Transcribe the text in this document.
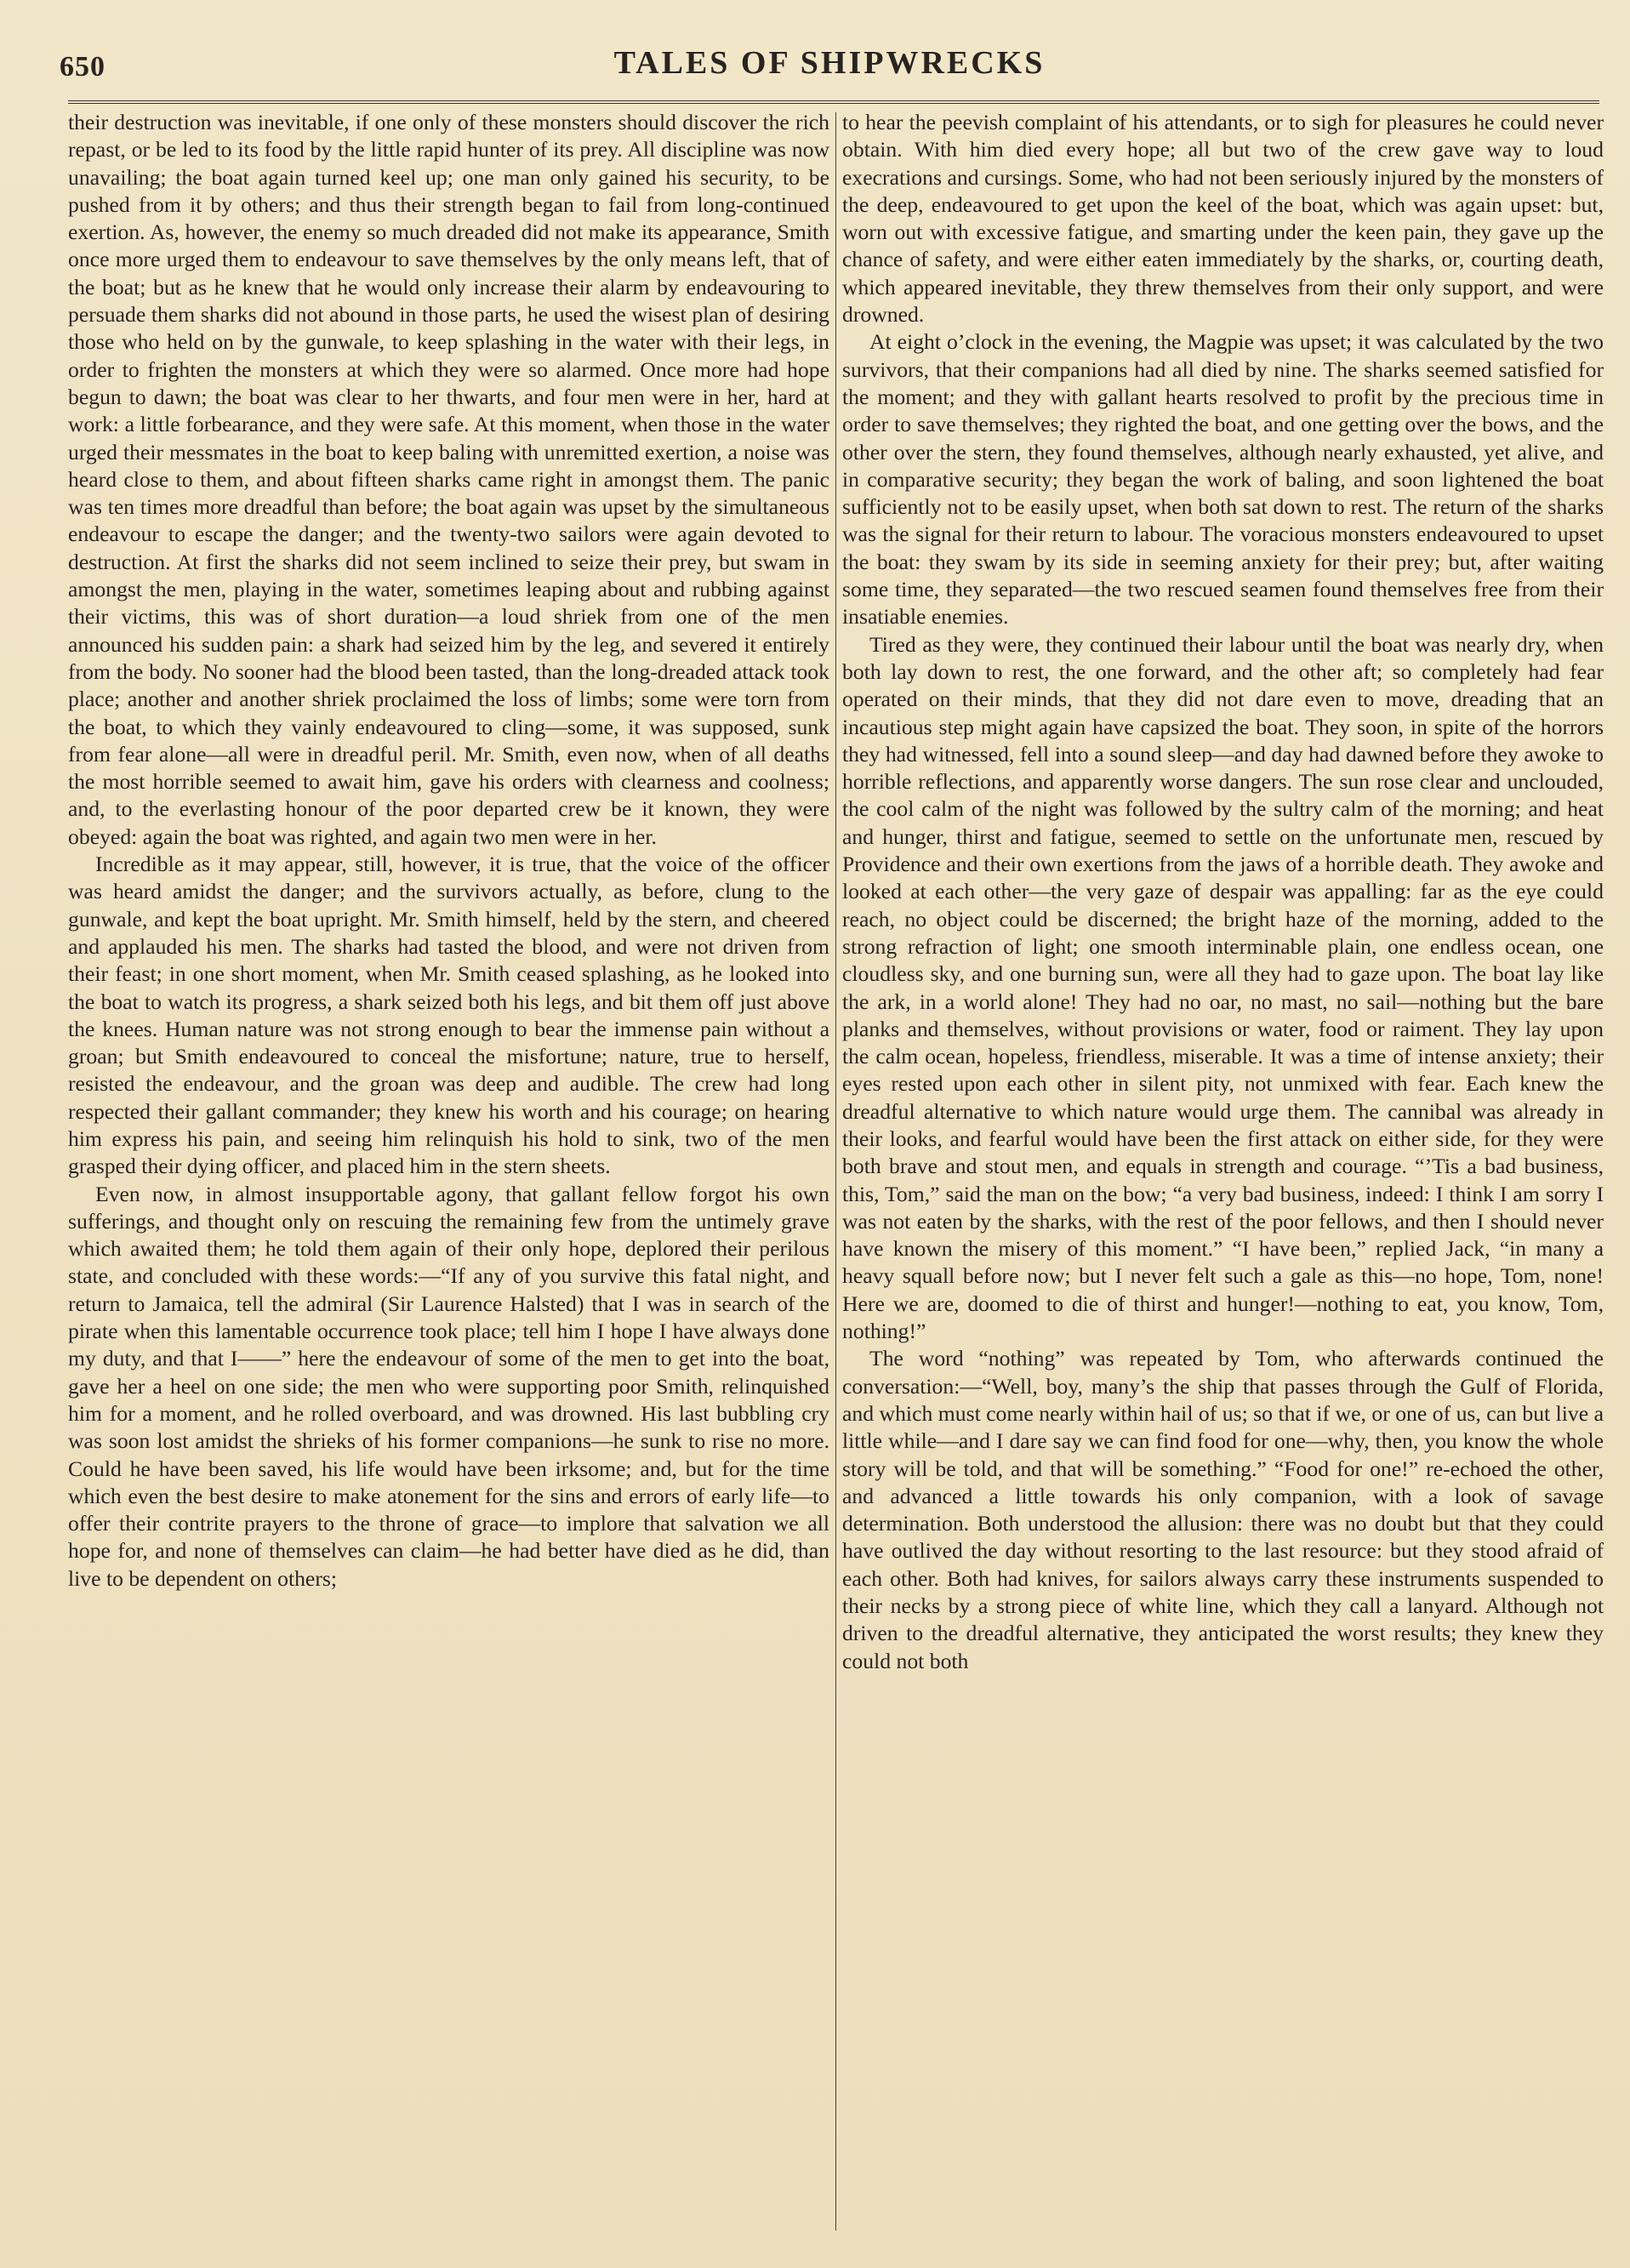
650	TALES OF SHIPWRECKS

their destruction was inevitable, if one only of these monsters should discover the rich repast, or be led to its food by the little rapid hunter of its prey. All discipline was now unavailing; the boat again turned keel up; one man only gained his security, to be pushed from it by others; and thus their strength began to fail from long-continued exertion. As, however, the enemy so much dreaded did not make its appearance, Smith once more urged them to endeavour to save themselves by the only means left, that of the boat; but as he knew that he would only increase their alarm by endeavouring to persuade them sharks did not abound in those parts, he used the wisest plan of desiring those who held on by the gunwale, to keep splashing in the water with their legs, in order to frighten the monsters at which they were so alarmed. Once more had hope begun to dawn; the boat was clear to her thwarts, and four men were in her, hard at work: a little forbearance, and they were safe. At this moment, when those in the water urged their messmates in the boat to keep baling with unremitted exertion, a noise was heard close to them, and about fifteen sharks came right in amongst them. The panic was ten times more dreadful than before; the boat again was upset by the simultaneous endeavour to escape the danger; and the twenty-two sailors were again devoted to destruction. At first the sharks did not seem inclined to seize their prey, but swam in amongst the men, playing in the water, sometimes leaping about and rubbing against their victims, this was of short duration—a loud shriek from one of the men announced his sudden pain: a shark had seized him by the leg, and severed it entirely from the body. No sooner had the blood been tasted, than the long-dreaded attack took place; another and another shriek proclaimed the loss of limbs; some were torn from the boat, to which they vainly endeavoured to cling—some, it was supposed, sunk from fear alone—all were in dreadful peril. Mr. Smith, even now, when of all deaths the most horrible seemed to await him, gave his orders with clearness and coolness; and, to the everlasting honour of the poor departed crew be it known, they were obeyed: again the boat was righted, and again two men were in her.

Incredible as it may appear, still, however, it is true, that the voice of the officer was heard amidst the danger; and the survivors actually, as before, clung to the gunwale, and kept the boat upright. Mr. Smith himself, held by the stern, and cheered and applauded his men. The sharks had tasted the blood, and were not driven from their feast; in one short moment, when Mr. Smith ceased splashing, as he looked into the boat to watch its progress, a shark seized both his legs, and bit them off just above the knees. Human nature was not strong enough to bear the immense pain without a groan; but Smith endeavoured to conceal the misfortune; nature, true to herself, resisted the endeavour, and the groan was deep and audible. The crew had long respected their gallant commander; they knew his worth and his courage; on hearing him express his pain, and seeing him relinquish his hold to sink, two of the men grasped their dying officer, and placed him in the stern sheets.

Even now, in almost insupportable agony, that gallant fellow forgot his own sufferings, and thought only on rescuing the remaining few from the untimely grave which awaited them; he told them again of their only hope, deplored their perilous state, and concluded with these words:—“If any of you survive this fatal night, and return to Jamaica, tell the admiral (Sir Laurence Halsted) that I was in search of the pirate when this lamentable occurrence took place; tell him I hope I have always done my duty, and that I——” here the endeavour of some of the men to get into the boat, gave her a heel on one side; the men who were supporting poor Smith, relinquished him for a moment, and he rolled overboard, and was drowned. His last bubbling cry was soon lost amidst the shrieks of his former companions—he sunk to rise no more. Could he have been saved, his life would have been irksome; and, but for the time which even the best desire to make atonement for the sins and errors of early life—to offer their contrite prayers to the throne of grace—to implore that salvation we all hope for, and none of themselves can claim—he had better have died as he did, than live to be dependent on others;

to hear the peevish complaint of his attendants, or to sigh for pleasures he could never obtain. With him died every hope; all but two of the crew gave way to loud execrations and cursings. Some, who had not been seriously injured by the monsters of the deep, endeavoured to get upon the keel of the boat, which was again upset: but, worn out with excessive fatigue, and smarting under the keen pain, they gave up the chance of safety, and were either eaten immediately by the sharks, or, courting death, which appeared inevitable, they threw themselves from their only support, and were drowned.

At eight o’clock in the evening, the Magpie was upset; it was calculated by the two survivors, that their companions had all died by nine. The sharks seemed satisfied for the moment; and they with gallant hearts resolved to profit by the precious time in order to save themselves; they righted the boat, and one getting over the bows, and the other over the stern, they found themselves, although nearly exhausted, yet alive, and in comparative security; they began the work of baling, and soon lightened the boat sufficiently not to be easily upset, when both sat down to rest. The return of the sharks was the signal for their return to labour. The voracious monsters endeavoured to upset the boat: they swam by its side in seeming anxiety for their prey; but, after waiting some time, they separated—the two rescued seamen found themselves free from their insatiable enemies.

Tired as they were, they continued their labour until the boat was nearly dry, when both lay down to rest, the one forward, and the other aft; so completely had fear operated on their minds, that they did not dare even to move, dreading that an incautious step might again have capsized the boat. They soon, in spite of the horrors they had witnessed, fell into a sound sleep—and day had dawned before they awoke to horrible reflections, and apparently worse dangers. The sun rose clear and unclouded, the cool calm of the night was followed by the sultry calm of the morning; and heat and hunger, thirst and fatigue, seemed to settle on the unfortunate men, rescued by Providence and their own exertions from the jaws of a horrible death. They awoke and looked at each other—the very gaze of despair was appalling: far as the eye could reach, no object could be discerned; the bright haze of the morning, added to the strong refraction of light; one smooth interminable plain, one endless ocean, one cloudless sky, and one burning sun, were all they had to gaze upon. The boat lay like the ark, in a world alone! They had no oar, no mast, no sail—nothing but the bare planks and themselves, without provisions or water, food or raiment. They lay upon the calm ocean, hopeless, friendless, miserable. It was a time of intense anxiety; their eyes rested upon each other in silent pity, not unmixed with fear. Each knew the dreadful alternative to which nature would urge them. The cannibal was already in their looks, and fearful would have been the first attack on either side, for they were both brave and stout men, and equals in strength and courage. “’Tis a bad business, this, Tom,” said the man on the bow; “a very bad business, indeed: I think I am sorry I was not eaten by the sharks, with the rest of the poor fellows, and then I should never have known the misery of this moment.” “I have been,” replied Jack, “in many a heavy squall before now; but I never felt such a gale as this—no hope, Tom, none! Here we are, doomed to die of thirst and hunger!—nothing to eat, you know, Tom, nothing!”

The word “nothing” was repeated by Tom, who afterwards continued the conversation:—“Well, boy, many’s the ship that passes through the Gulf of Florida, and which must come nearly within hail of us; so that if we, or one of us, can but live a little while—and I dare say we can find food for one—why, then, you know the whole story will be told, and that will be something.” “Food for one!” re-echoed the other, and advanced a little towards his only companion, with a look of savage determination. Both understood the allusion: there was no doubt but that they could have outlived the day without resorting to the last resource: but they stood afraid of each other. Both had knives, for sailors always carry these instruments suspended to their necks by a strong piece of white line, which they call a lanyard. Although not driven to the dreadful alternative, they anticipated the worst results; they knew they could not both
